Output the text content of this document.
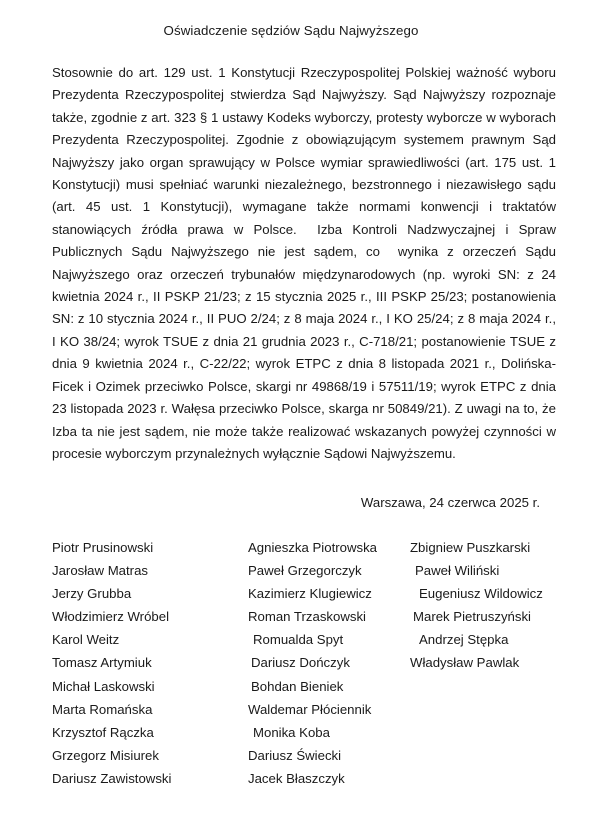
Oświadczenie sędziów Sądu Najwyższego

Stosownie do art. 129 ust. 1 Konstytucji Rzeczypospolitej Polskiej ważność wyboru Prezydenta Rzeczypospolitej stwierdza Sąd Najwyższy. Sąd Najwyższy rozpoznaje także, zgodnie z art. 323 § 1 ustawy Kodeks wyborczy, protesty wyborcze w wyborach Prezydenta Rzeczypospolitej. Zgodnie z obowiązującym systemem prawnym Sąd Najwyższy jako organ sprawujący w Polsce wymiar sprawiedliwości (art. 175 ust. 1 Konstytucji) musi spełniać warunki niezależnego, bezstronnego i niezawisłego sądu (art. 45 ust. 1 Konstytucji), wymagane także normami konwencji i traktatów stanowiących źródła prawa w Polsce.  Izba Kontroli Nadzwyczajnej i Spraw Publicznych Sądu Najwyższego nie jest sądem, co  wynika z orzeczeń Sądu Najwyższego oraz orzeczeń trybunałów międzynarodowych (np. wyroki SN: z 24 kwietnia 2024 r., II PSKP 21/23; z 15 stycznia 2025 r., III PSKP 25/23; postanowienia SN: z 10 stycznia 2024 r., II PUO 2/24; z 8 maja 2024 r., I KO 25/24; z 8 maja 2024 r., I KO 38/24; wyrok TSUE z dnia 21 grudnia 2023 r., C-718/21; postanowienie TSUE z dnia 9 kwietnia 2024 r., C-22/22; wyrok ETPC z dnia 8 listopada 2021 r., Dolińska-Ficek i Ozimek przeciwko Polsce, skargi nr 49868/19 i 57511/19; wyrok ETPC z dnia 23 listopada 2023 r. Wałęsa przeciwko Polsce, skarga nr 50849/21). Z uwagi na to, że Izba ta nie jest sądem, nie może także realizować wskazanych powyżej czynności w procesie wyborczym przynależnych wyłącznie Sądowi Najwyższemu.

Warszawa, 24 czerwca 2025 r.
Piotr Prusinowski
Jarosław Matras
Jerzy Grubba
Włodzimierz Wróbel
Karol Weitz
Tomasz Artymiuk
Michał Laskowski
Marta Romańska
Krzysztof Rączka
Grzegorz Misiurek
Dariusz Zawistowski
Agnieszka Piotrowska
Paweł Grzegorczyk
Kazimierz Klugiewicz
Roman Trzaskowski
Romualda Spyt
Dariusz Dończyk
Bohdan Bieniek
Waldemar Płóciennik
Monika Koba
Dariusz Świecki
Jacek Błaszczyk
Zbigniew Puszkarski
Paweł Wiliński
Eugeniusz Wildowicz
Marek Pietruszyński
Andrzej Stępka
Władysław Pawlak
